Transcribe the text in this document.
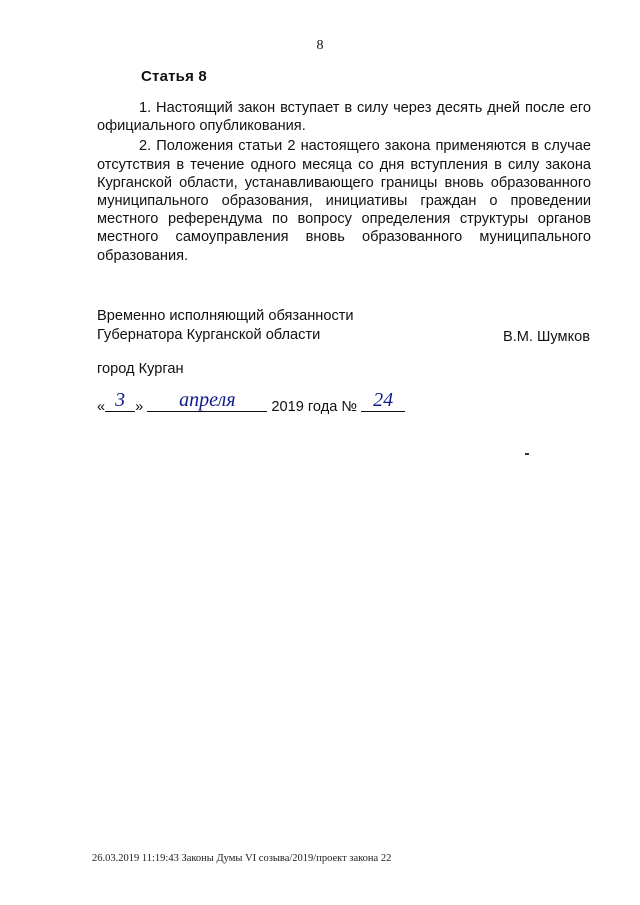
8
Статья 8

1. Настоящий закон вступает в силу через десять дней после его официального опубликования.

2. Положения статьи 2 настоящего закона применяются в случае отсутствия в течение одного месяца со дня вступления в силу закона Курганской области, устанавливающего границы вновь образованного муниципального образования, инициативы граждан о проведении местного референдума по вопросу определения структуры органов местного самоуправления вновь образованного муниципального образования.

Временно исполняющий обязанности
Губернатора Курганской области	В.М. Шумков
город Курган
« 3 » апреля 2019 года № 24
26.03.2019 11:19:43 Законы Думы VI созыва/2019/проект закона 22
